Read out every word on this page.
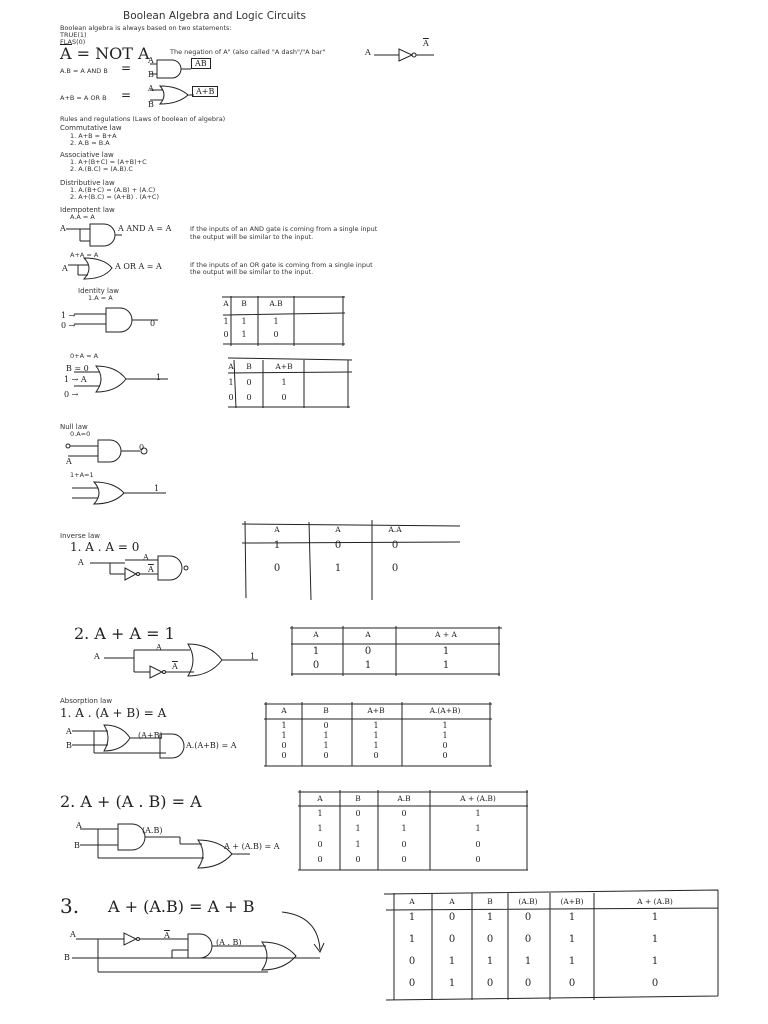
Boolean Algebra and Logic Circuits
Boolean algebra is always based on two statements:
TRUE(1)
FLAS(0)
A = NOT A	The negation of A" (also called "A dash"/"A bar"	A
$\overline{A}$
A.B = A AND B =
A
B
AB
A+B = A OR B = A
B
A+B
Rules and regulations (Laws of boolean of algebra)
Commutative law
1. A+B = B+A
2. A.B = B.A
Associative law
1. A+(B+C) = (A+B)+C
2. A.(B.C) = (A.B).C
Distributive law
1. A.(B+C) = (A.B) + (A.C)
2. A+(B.C) = (A+B) . (A+C)
Idempotent law
A.A = A
A	A AND A = A	If the inputs of an AND gate is coming from a single input
the output will be similar to the input.
A+A = A
A	A OR A = A	If the inputs of an OR gate is coming from a single input
the output will be similar to the input.
Identity law
1.A = A
1 →
0 →	0
0+A = A
B = 0
1 → A
0 →
1
Null law
0.A=0
A
0
1+A=1
1
Inverse law
1. A . A = 0
A
A
$\overline{A}$
2. A + A = 1
A
A
$\overline{A}$
1
Absorption law
1. A . (A + B) = A
A
B
(A+B)
A.(A+B) = A
2. A + (A . B) = A
A
B
(A.B)
A + (A.B) = A
3. A + (A.B) = A + B
A
B
$\overline{A}$
(A . B)
A	B	A.B
1	1	1
0	1	0
A	B	A+B
1	0	1
0	0	0
A	A	A.A
1	0	0
0	1	0
A	A	A + A
1	0	1
0	1	1
A	B	A+B	A.(A+B)
1	0	1	1
1	1	1	1
0	1	1	0
0	0	0	0
A	B	A.B	A + (A.B)
1	0	0	1
1	1	1	1
0	1	0	0
0	0	0	0
A	A	B	(A.B)	(A+B)	A + (A.B)
1	0	1	0	1	1
1	0	0	0	1	1
0	1	1	1	1	1
0	1	0	0	0	0
